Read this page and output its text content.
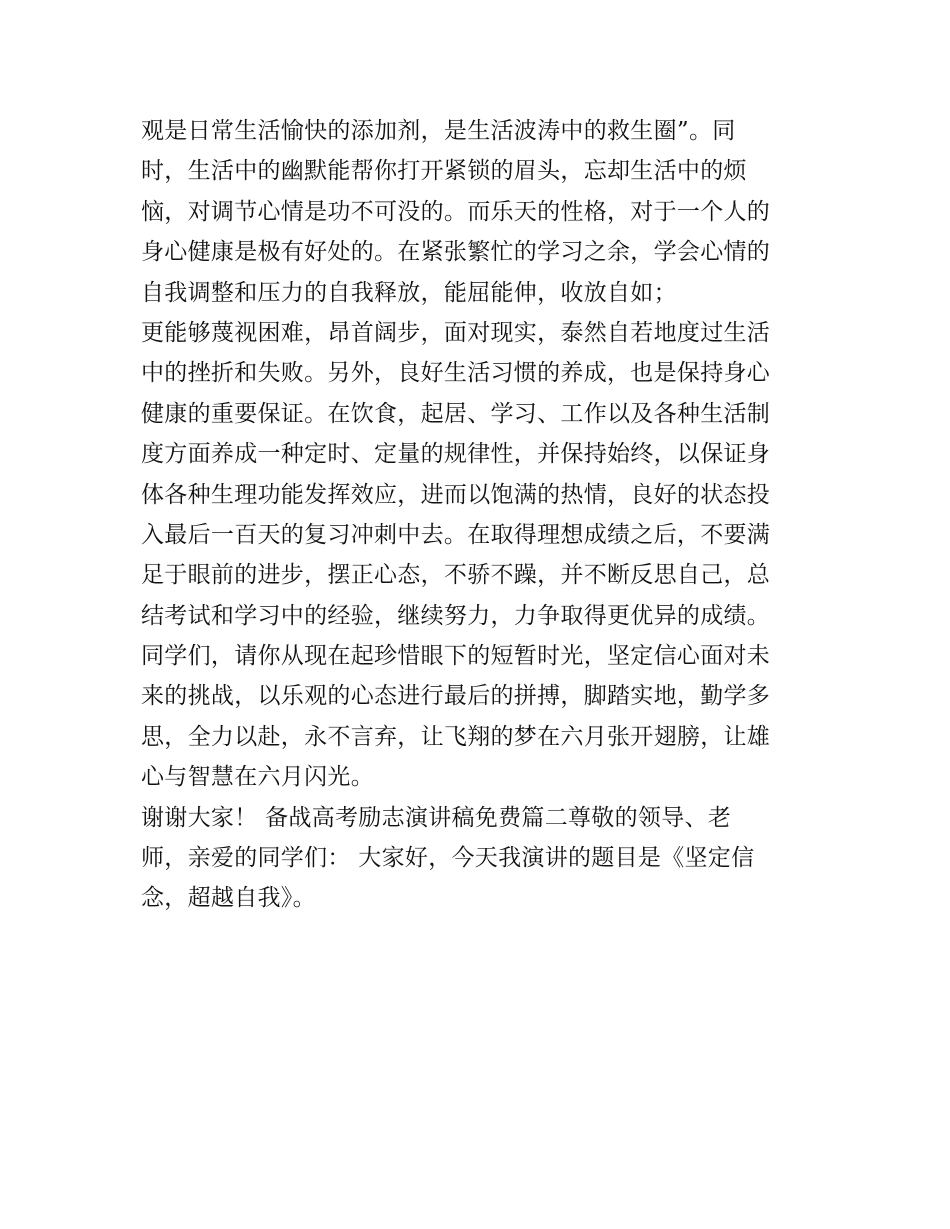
观是日常生活愉快的添加剂，是生活波涛中的救生圈”。同
时，生活中的幽默能帮你打开紧锁的眉头，忘却生活中的烦
恼，对调节心情是功不可没的。而乐天的性格，对于一个人的
身心健康是极有好处的。在紧张繁忙的学习之余，学会心情的
自我调整和压力的自我释放，能屈能伸，收放自如；
更能够蔑视困难，昂首阔步，面对现实，泰然自若地度过生活
中的挫折和失败。另外，良好生活习惯的养成，也是保持身心
健康的重要保证。在饮食，起居、学习、工作以及各种生活制
度方面养成一种定时、定量的规律性，并保持始终，以保证身
体各种生理功能发挥效应，进而以饱满的热情，良好的状态投
入最后一百天的复习冲刺中去。在取得理想成绩之后，不要满
足于眼前的进步，摆正心态，不骄不躁，并不断反思自己，总
结考试和学习中的经验，继续努力，力争取得更优异的成绩。
同学们，请你从现在起珍惜眼下的短暂时光，坚定信心面对未
来的挑战，以乐观的心态进行最后的拼搏，脚踏实地，勤学多
思，全力以赴，永不言弃，让飞翔的梦在六月张开翅膀，让雄
心与智慧在六月闪光。
谢谢大家！ 备战高考励志演讲稿免费篇二尊敬的领导、老
师，亲爱的同学们： 大家好，今天我演讲的题目是《坚定信
念，超越自我》。
